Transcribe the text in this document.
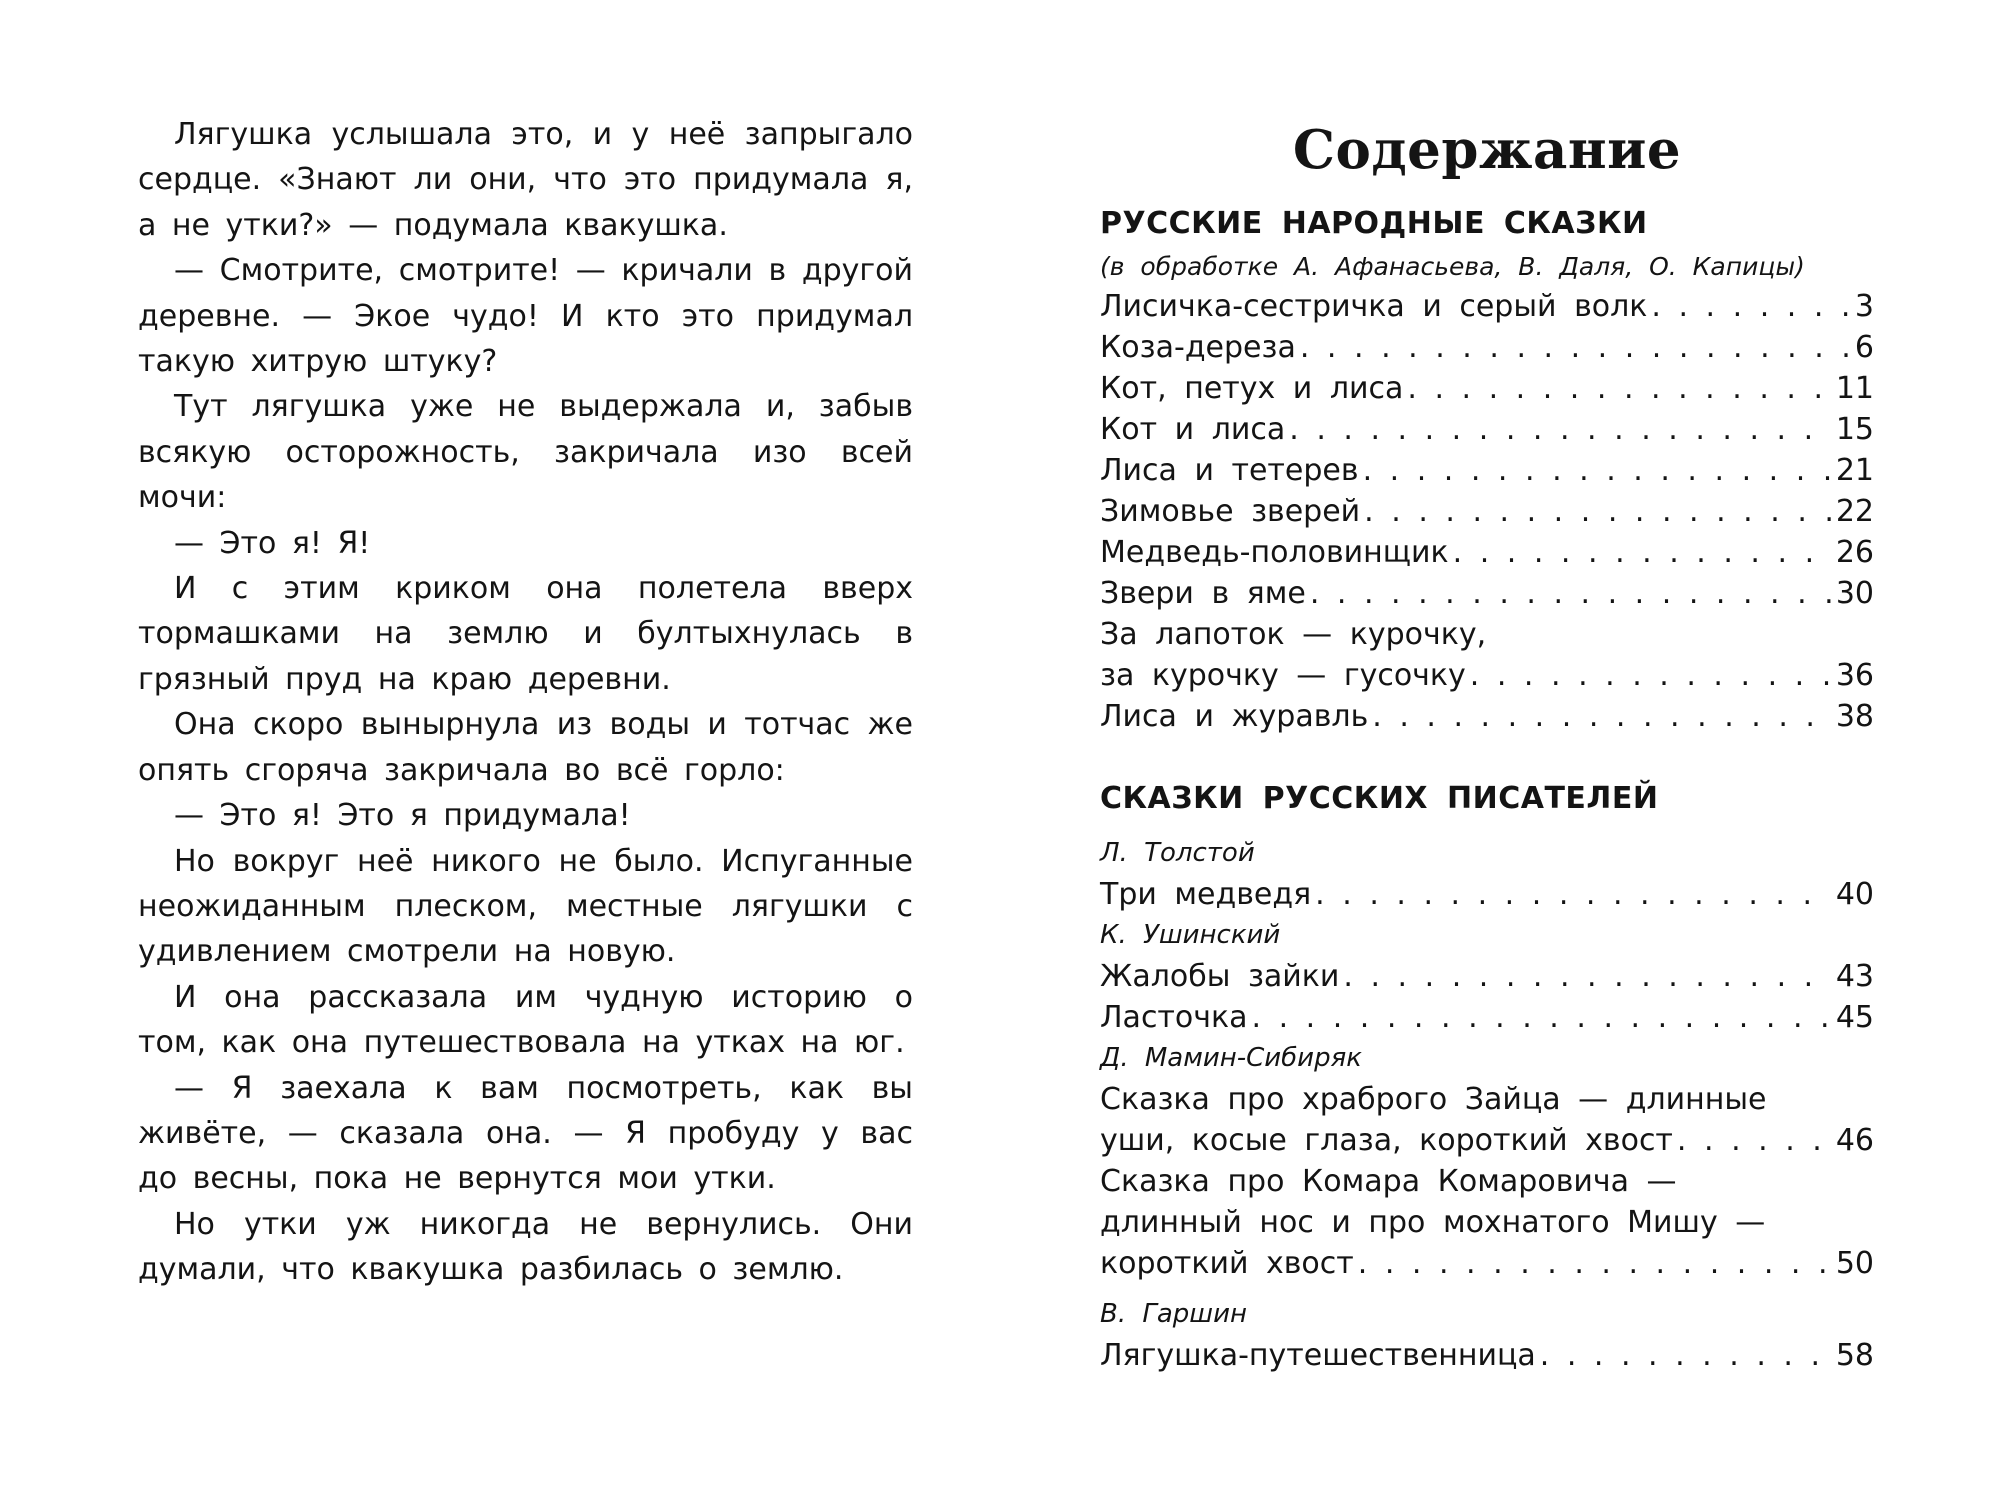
Лягушка услышала это, и у неё запрыгало сердце. «Знают ли они, что это придумала я, а не утки?» — подумала квакушка.

— Смотрите, смотрите! — кричали в другой деревне. — Экое чудо! И кто это придумал такую хитрую штуку?

Тут лягушка уже не выдержала и, забыв всякую осторожность, закричала изо всей мочи:

— Это я! Я!

И с этим криком она полетела вверх тормашками на землю и бултыхнулась в грязный пруд на краю деревни.

Она скоро вынырнула из воды и тотчас же опять сгоряча закричала во всё горло:

— Это я! Это я придумала!

Но вокруг неё никого не было. Испуганные неожиданным плеском, местные лягушки с удивлением смотрели на новую.

И она рассказала им чудную историю о том, как она путешествовала на утках на юг.

— Я заехала к вам посмотреть, как вы живёте, — сказала она. — Я пробуду у вас до весны, пока не вернутся мои утки.

Но утки уж никогда не вернулись. Они думали, что квакушка разбилась о землю.

Содержание
РУССКИЕ НАРОДНЫЕ СКАЗКИ
(в обработке А. Афанасьева, В. Даля, О. Капицы)
Лисичка-сестричка и серый волк . . .	3
Коза-дереза . . .	6
Кот, петух и лиса . . .	11
Кот и лиса . . .	15
Лиса и тетерев . . .	21
Зимовье зверей . . .	22
Медведь-половинщик . . .	26
Звери в яме . . .	30
За лапоток — курочку,
за курочку — гусочку . . .	36
Лиса и журавль . . .	38
СКАЗКИ РУССКИХ ПИСАТЕЛЕЙ
Л. Толстой
Три медведя . . .	40
К. Ушинский
Жалобы зайки . . .	43
Ласточка . . .	45
Д. Мамин-Сибиряк
Сказка про храброго Зайца — длинные
уши, косые глаза, короткий хвост . . .	46
Сказка про Комара Комаровича —
длинный нос и про мохнатого Мишу —
короткий хвост . . .	50
В. Гаршин
Лягушка-путешественница . . .	58
